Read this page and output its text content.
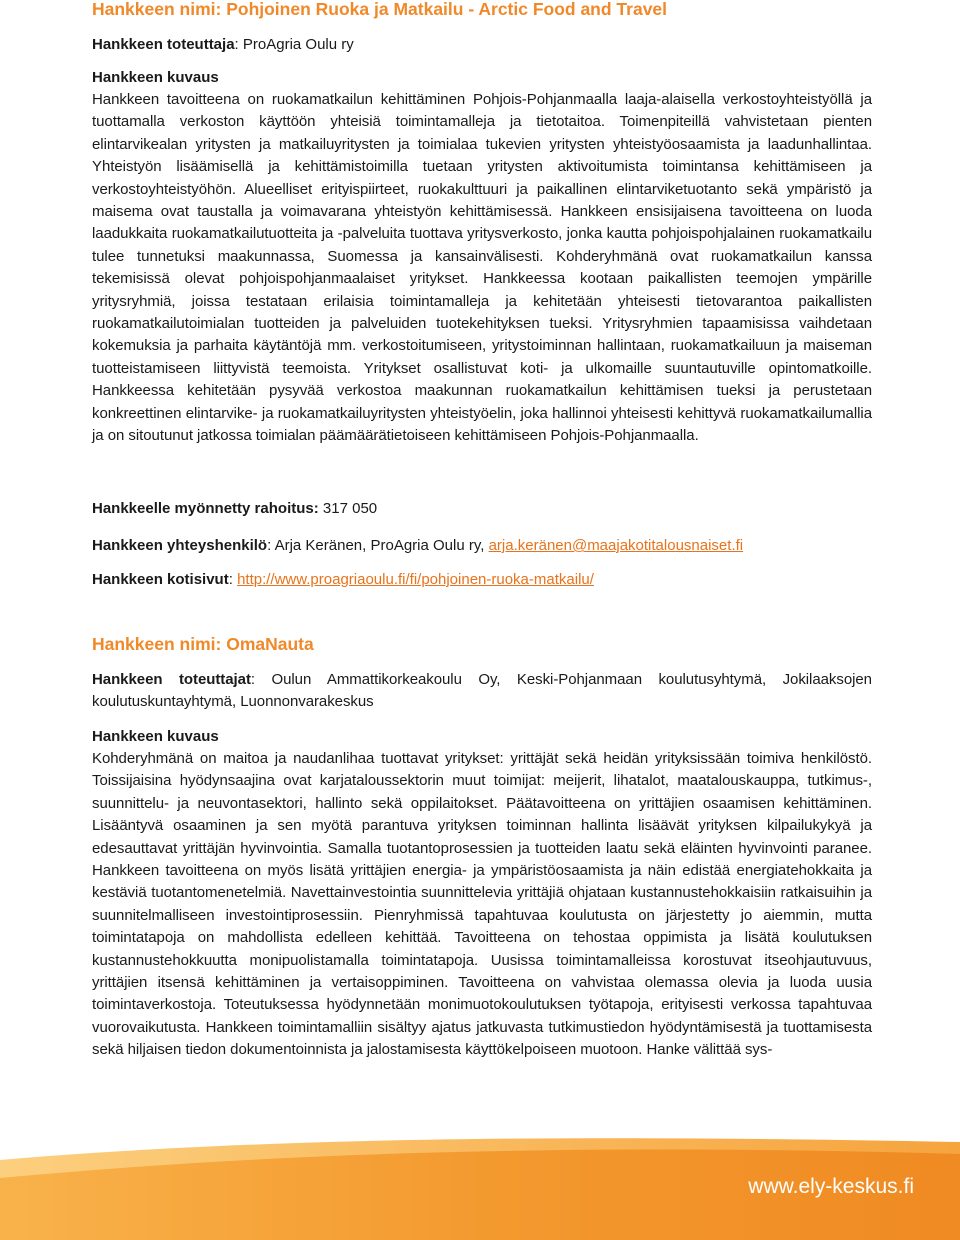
Hankkeen nimi: Pohjoinen Ruoka ja Matkailu - Arctic Food and Travel

Hankkeen toteuttaja: ProAgria Oulu ry

Hankkeen kuvaus

Hankkeen tavoitteena on ruokamatkailun kehittäminen Pohjois-Pohjanmaalla laaja-alaisella verkostoyhteistyöllä ja tuottamalla verkoston käyttöön yhteisiä toimintamalleja ja tietotaitoa. Toimenpiteillä vahvistetaan pienten elintarvikealan yritysten ja matkailuyritysten ja toimialaa tukevien yritysten yhteistyöosaamista ja laadunhallintaa. Yhteistyön lisäämisellä ja kehittämistoimilla tuetaan yritysten aktivoitumista toimintansa kehittämiseen ja verkostoyhteistyöhön. Alueelliset erityispiirteet, ruokakulttuuri ja paikallinen elintarviketuotanto sekä ympäristö ja maisema ovat taustalla ja voimavarana yhteistyön kehittämisessä. Hankkeen ensisijaisena tavoitteena on luoda laadukkaita ruokamatkailutuotteita ja -palveluita tuottava yritysverkosto, jonka kautta pohjoispohjalainen ruokamatkailu tulee tunnetuksi maakunnassa, Suomessa ja kansainvälisesti. Kohderyhmänä ovat ruokamatkailun kanssa tekemisissä olevat pohjoispohjanmaalaiset yritykset. Hankkeessa kootaan paikallisten teemojen ympärille yritysryhmiä, joissa testataan erilaisia toimintamalleja ja kehitetään yhteisesti tietovarantoa paikallisten ruokamatkailutoimialan tuotteiden ja palveluiden tuotekehityksen tueksi. Yritysryhmien tapaamisissa vaihdetaan kokemuksia ja parhaita käytäntöjä mm. verkostoitumiseen, yritystoiminnan hallintaan, ruokamatkailuun ja maiseman tuotteistamiseen liittyvistä teemoista. Yritykset osallistuvat koti- ja ulkomaille suuntautuville opintomatkoille. Hankkeessa kehitetään pysyvää verkostoa maakunnan ruokamatkailun kehittämisen tueksi ja perustetaan konkreettinen elintarvike- ja ruokamatkailuyritysten yhteistyöelin, joka hallinnoi yhteisesti kehittyvä ruokamatkailumallia ja on sitoutunut jatkossa toimialan päämäärätietoiseen kehittämiseen Pohjois-Pohjanmaalla.

Hankkeelle myönnetty rahoitus: 317 050

Hankkeen yhteyshenkilö: Arja Keränen, ProAgria Oulu ry, arja.keränen@maajakotitalousnaiset.fi

Hankkeen kotisivut: http://www.proagriaoulu.fi/fi/pohjoinen-ruoka-matkailu/

Hankkeen nimi: OmaNauta

Hankkeen toteuttajat: Oulun Ammattikorkeakoulu Oy, Keski-Pohjanmaan koulutusyhtymä, Jokilaaksojen koulutuskuntayhtymä, Luonnonvarakeskus

Hankkeen kuvaus

Kohderyhmänä on maitoa ja naudanlihaa tuottavat yritykset: yrittäjät sekä heidän yrityksissään toimiva henkilöstö. Toissijaisina hyödynsaajina ovat karjataloussektorin muut toimijat: meijerit, lihatalot, maatalouskauppa, tutkimus-, suunnittelu- ja neuvontasektori, hallinto sekä oppilaitokset. Päätavoitteena on yrittäjien osaamisen kehittäminen. Lisääntyvä osaaminen ja sen myötä parantuva yrityksen toiminnan hallinta lisäävät yrityksen kilpailukykyä ja edesauttavat yrittäjän hyvinvointia. Samalla tuotantoprosessien ja tuotteiden laatu sekä eläinten hyvinvointi paranee. Hankkeen tavoitteena on myös lisätä yrittäjien energia- ja ympäristöosaamista ja näin edistää energiatehokkaita ja kestäviä tuotantomenetelmiä. Navettainvestointia suunnittelevia yrittäjiä ohjataan kustannustehokkaisiin ratkaisuihin ja suunnitelmalliseen investointiprosessiin. Pienryhmissä tapahtuvaa koulutusta on järjestetty jo aiemmin, mutta toimintatapoja on mahdollista edelleen kehittää. Tavoitteena on tehostaa oppimista ja lisätä koulutuksen kustannustehokkuutta monipuolistamalla toimintatapoja. Uusissa toimintamalleissa korostuvat itseohjautuvuus, yrittäjien itsensä kehittäminen ja vertaisoppiminen. Tavoitteena on vahvistaa olemassa olevia ja luoda uusia toimintaverkostoja. Toteutuksessa hyödynnetään monimuotokoulutuksen työtapoja, erityisesti verkossa tapahtuvaa vuorovaikutusta. Hankkeen toimintamalliin sisältyy ajatus jatkuvasta tutkimustiedon hyödyntämisestä ja tuottamisesta sekä hiljaisen tiedon dokumentoinnista ja jalostamisesta käyttökelpoiseen muotoon. Hanke välittää sys-

www.ely-keskus.fi
